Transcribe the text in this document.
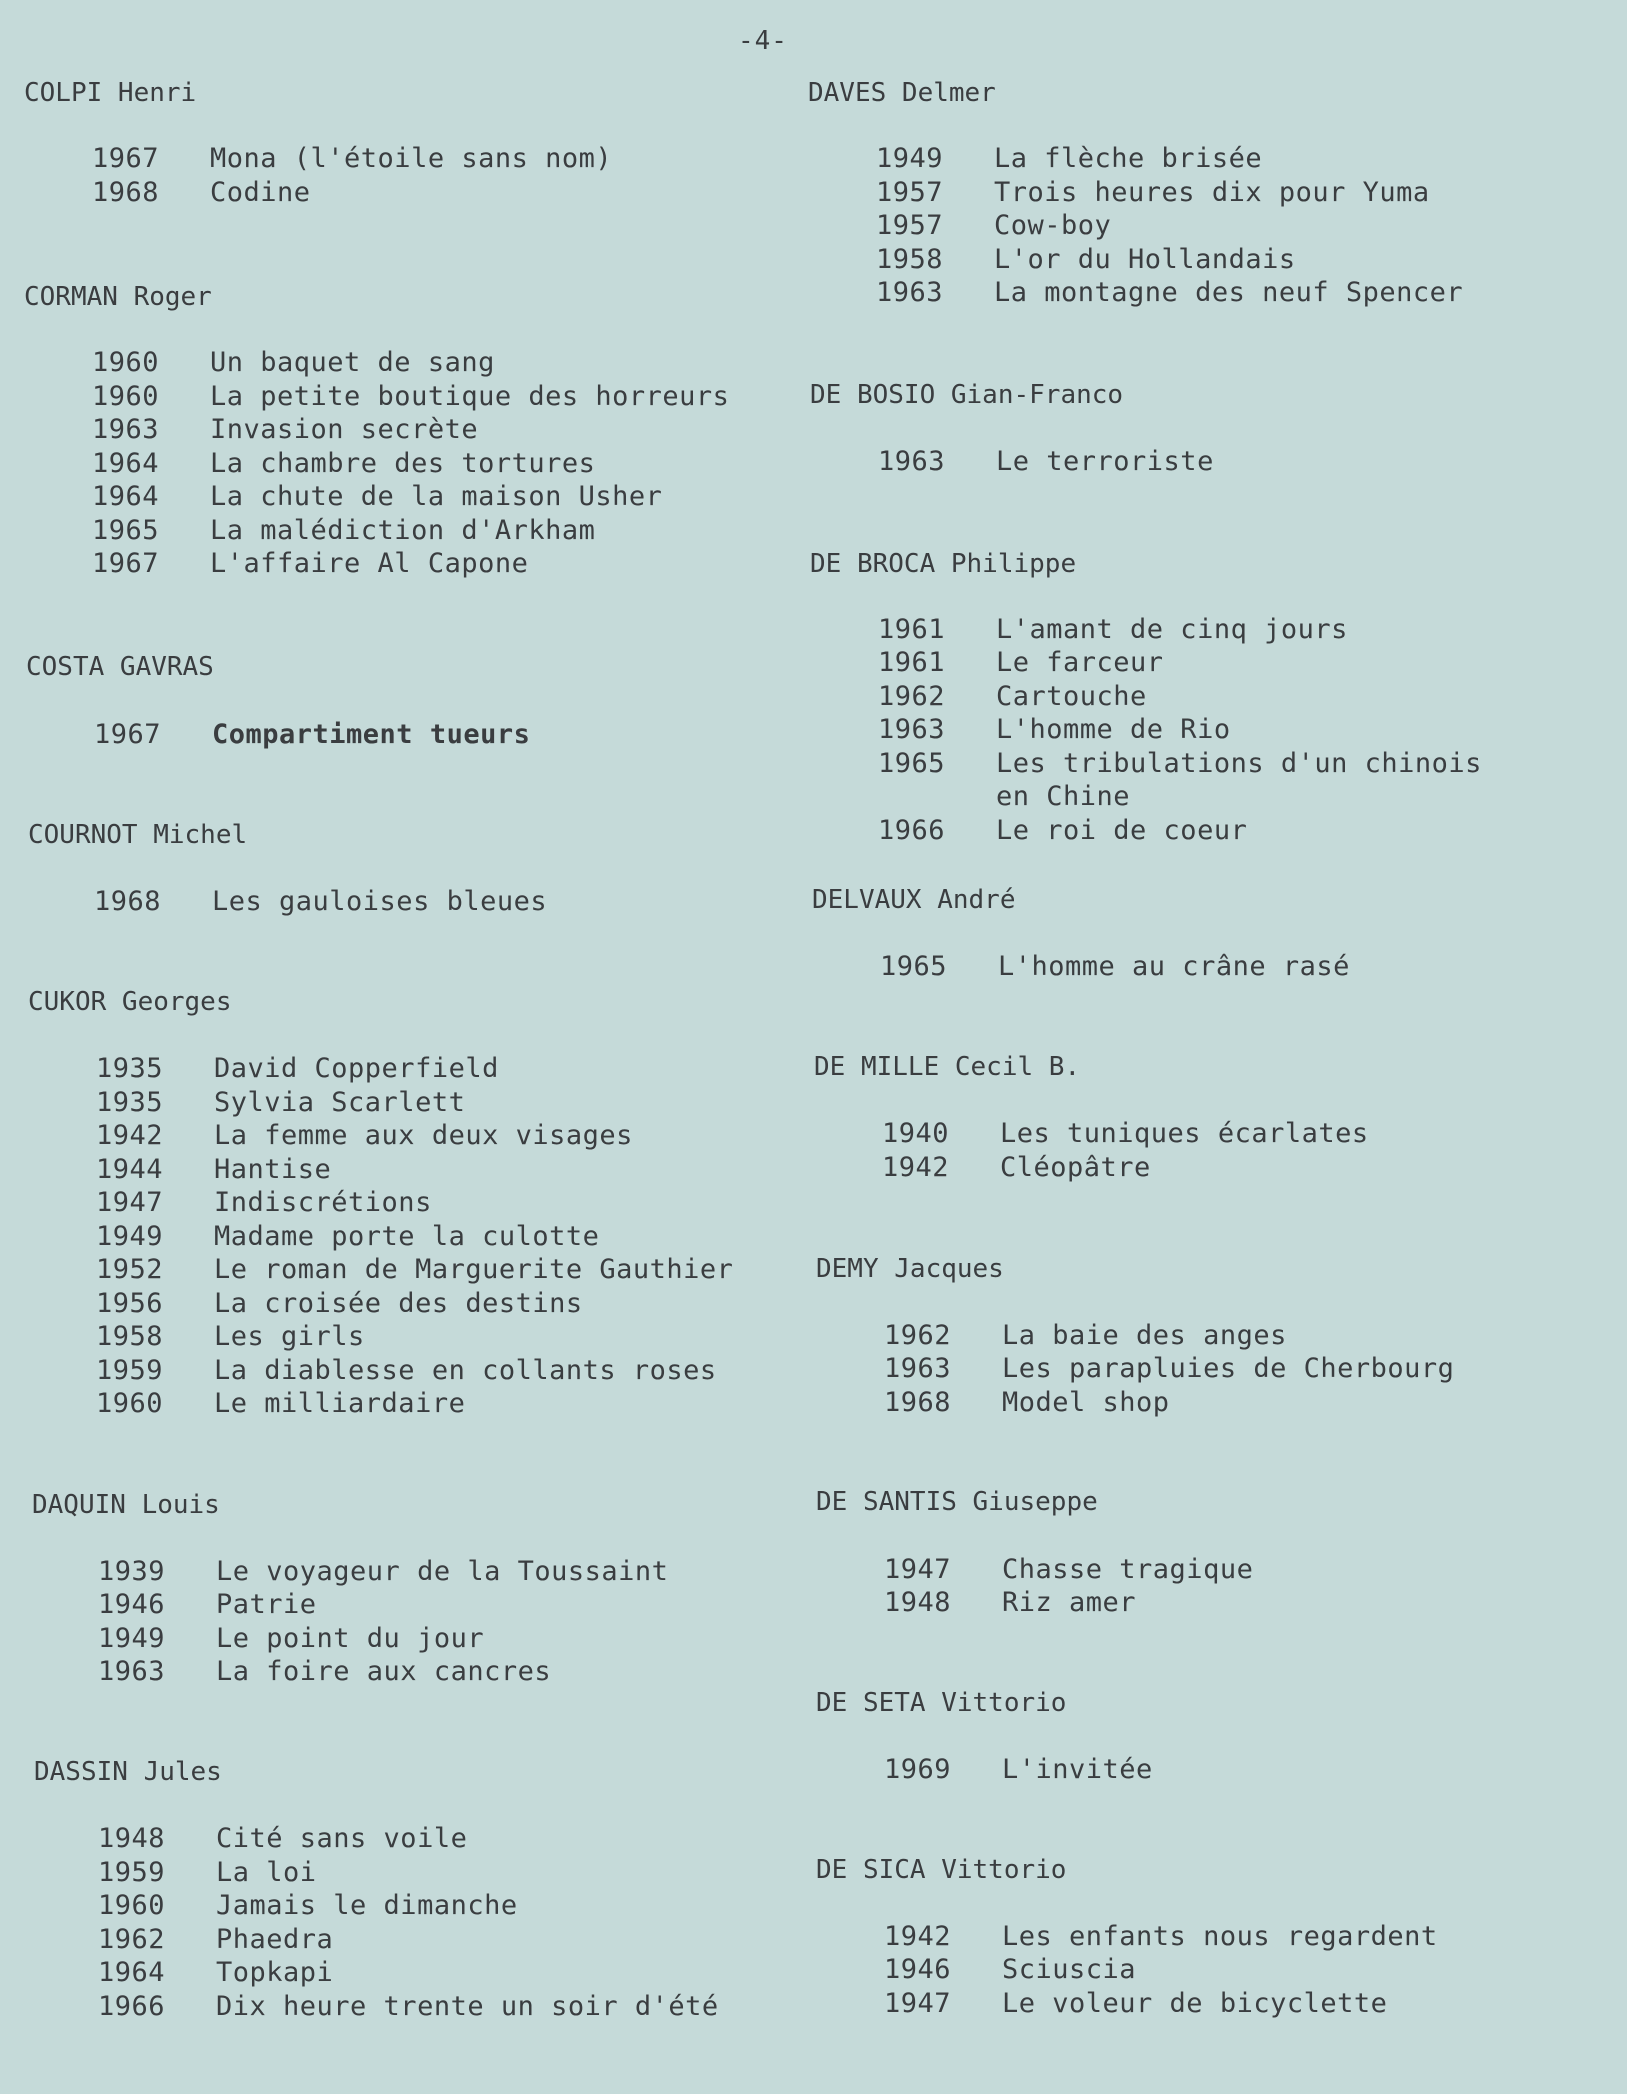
-4-
COLPI Henri
1967 Mona (l'étoile sans nom)
1968 Codine
CORMAN Roger
1960 Un baquet de sang
1960 La petite boutique des horreurs
1963 Invasion secrète
1964 La chambre des tortures
1964 La chute de la maison Usher
1965 La malédiction d'Arkham
1967 L'affaire Al Capone
COSTA GAVRAS
1967 Compartiment tueurs
COURNOT Michel
1968 Les gauloises bleues
CUKOR Georges
1935 David Copperfield
1935 Sylvia Scarlett
1942 La femme aux deux visages
1944 Hantise
1947 Indiscrétions
1949 Madame porte la culotte
1952 Le roman de Marguerite Gauthier
1956 La croisée des destins
1958 Les girls
1959 La diablesse en collants roses
1960 Le milliardaire
DAQUIN Louis
1939 Le voyageur de la Toussaint
1946 Patrie
1949 Le point du jour
1963 La foire aux cancres
DASSIN Jules
1948 Cité sans voile
1959 La loi
1960 Jamais le dimanche
1962 Phaedra
1964 Topkapi
1966 Dix heure trente un soir d'été
DAVES Delmer
1949 La flèche brisée
1957 Trois heures dix pour Yuma
1957 Cow-boy
1958 L'or du Hollandais
1963 La montagne des neuf Spencer
DE BOSIO Gian-Franco
1963 Le terroriste
DE BROCA Philippe
1961 L'amant de cinq jours
1961 Le farceur
1962 Cartouche
1963 L'homme de Rio
1965 Les tribulations d'un chinois
en Chine
1966 Le roi de coeur
DELVAUX André
1965 L'homme au crâne rasé
DE MILLE Cecil B.
1940 Les tuniques écarlates
1942 Cléopâtre
DEMY Jacques
1962 La baie des anges
1963 Les parapluies de Cherbourg
1968 Model shop
DE SANTIS Giuseppe
1947 Chasse tragique
1948 Riz amer
DE SETA Vittorio
1969 L'invitée
DE SICA Vittorio
1942 Les enfants nous regardent
1946 Sciuscia
1947 Le voleur de bicyclette
